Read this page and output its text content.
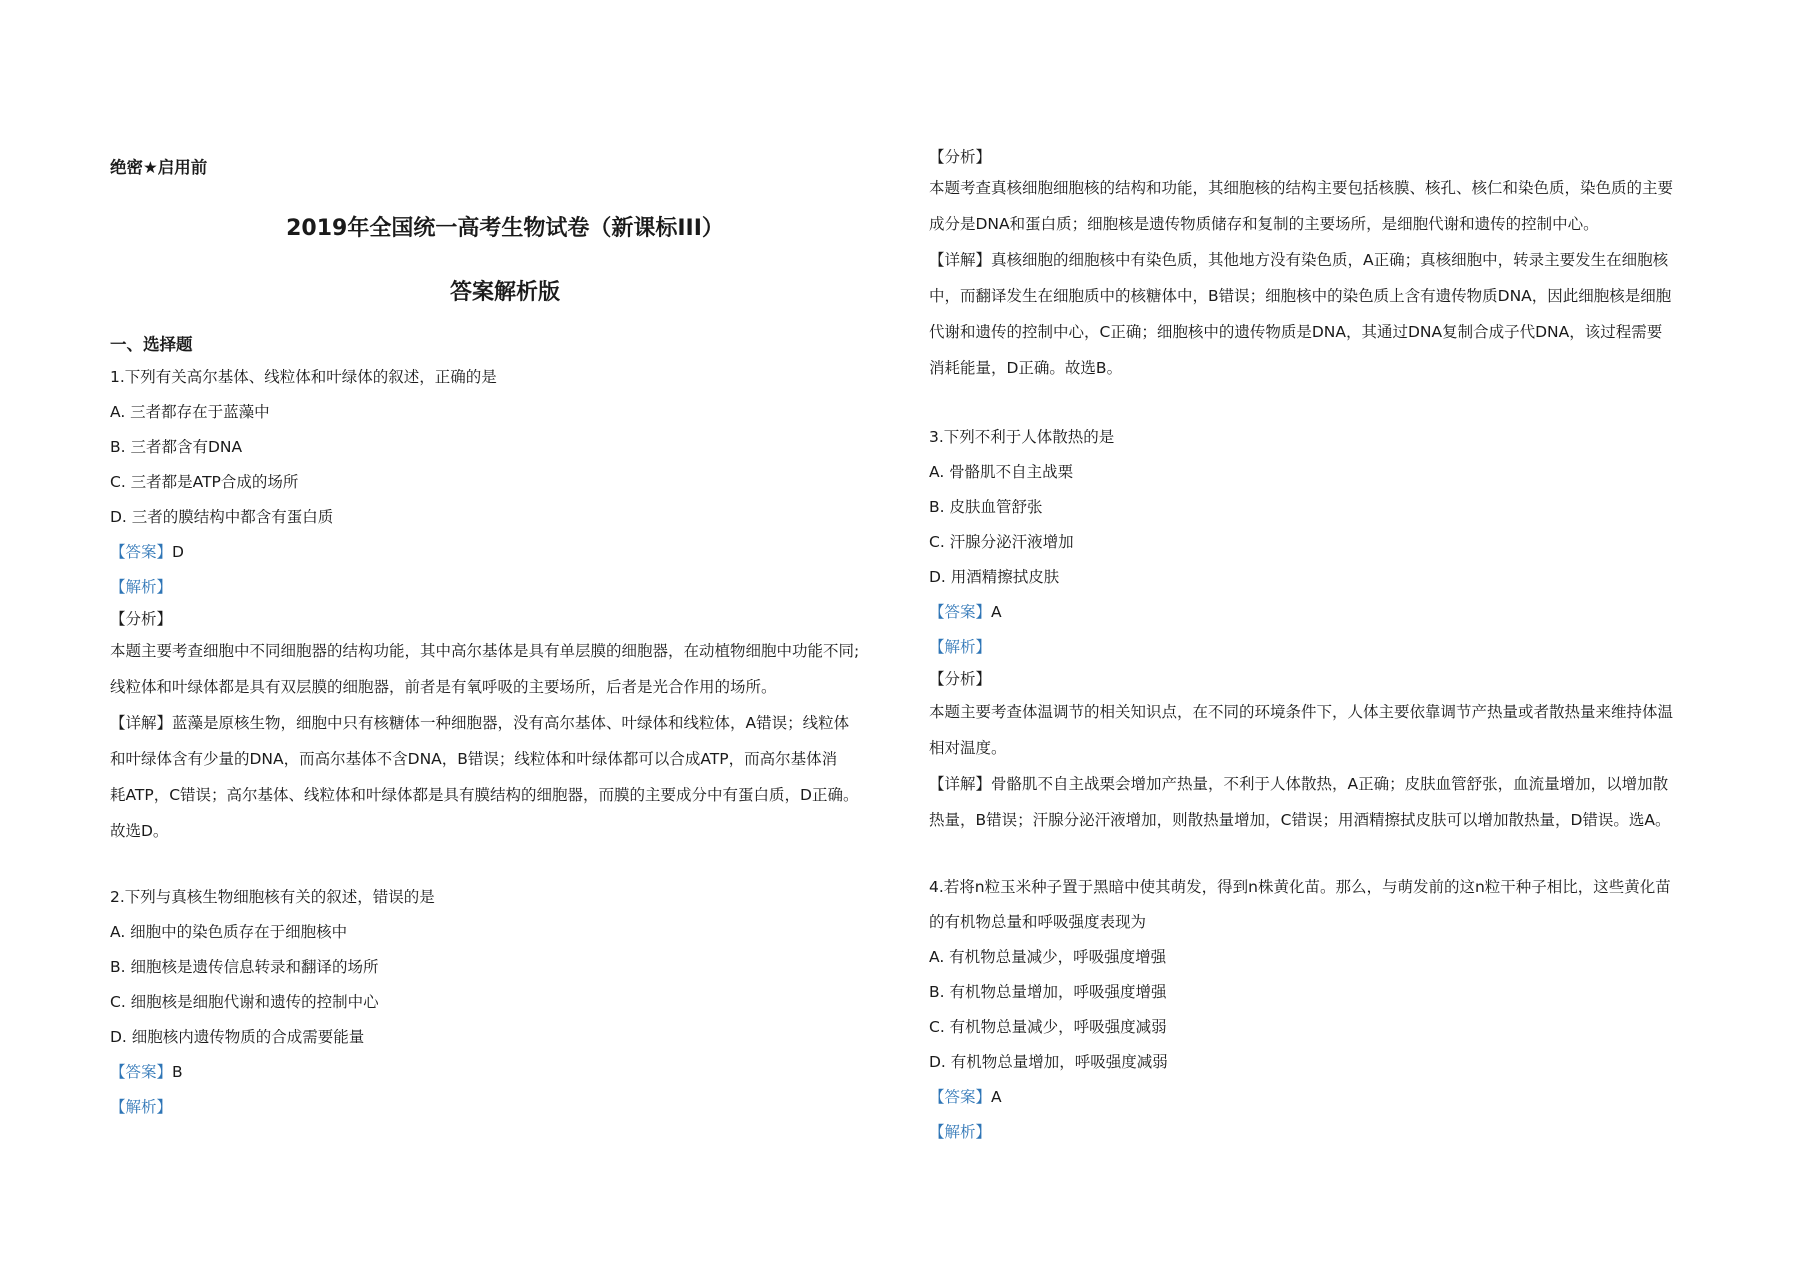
绝密★启用前
2019年全国统一高考生物试卷（新课标III）
答案解析版
一、选择题
1.下列有关高尔基体、线粒体和叶绿体的叙述，正确的是
A. 三者都存在于蓝藻中
B. 三者都含有DNA
C. 三者都是ATP合成的场所
D. 三者的膜结构中都含有蛋白质
【答案】D
【解析】
【分析】
本题主要考查细胞中不同细胞器的结构功能，其中高尔基体是具有单层膜的细胞器，在动植物细胞中功能不同;
线粒体和叶绿体都是具有双层膜的细胞器，前者是有氧呼吸的主要场所，后者是光合作用的场所。
【详解】蓝藻是原核生物，细胞中只有核糖体一种细胞器，没有高尔基体、叶绿体和线粒体，A错误；线粒体
和叶绿体含有少量的DNA，而高尔基体不含DNA，B错误；线粒体和叶绿体都可以合成ATP，而高尔基体消
耗ATP，C错误；高尔基体、线粒体和叶绿体都是具有膜结构的细胞器，而膜的主要成分中有蛋白质，D正确。
故选D。
2.下列与真核生物细胞核有关的叙述，错误的是
A. 细胞中的染色质存在于细胞核中
B. 细胞核是遗传信息转录和翻译的场所
C. 细胞核是细胞代谢和遗传的控制中心
D. 细胞核内遗传物质的合成需要能量
【答案】B
【解析】
【分析】
本题考查真核细胞细胞核的结构和功能，其细胞核的结构主要包括核膜、核孔、核仁和染色质，染色质的主要
成分是DNA和蛋白质；细胞核是遗传物质储存和复制的主要场所，是细胞代谢和遗传的控制中心。
【详解】真核细胞的细胞核中有染色质，其他地方没有染色质，A正确；真核细胞中，转录主要发生在细胞核
中，而翻译发生在细胞质中的核糖体中，B错误；细胞核中的染色质上含有遗传物质DNA，因此细胞核是细胞
代谢和遗传的控制中心，C正确；细胞核中的遗传物质是DNA，其通过DNA复制合成子代DNA，该过程需要
消耗能量，D正确。故选B。
3.下列不利于人体散热的是
A. 骨骼肌不自主战栗
B. 皮肤血管舒张
C. 汗腺分泌汗液增加
D. 用酒精擦拭皮肤
【答案】A
【解析】
【分析】
本题主要考查体温调节的相关知识点，在不同的环境条件下，人体主要依靠调节产热量或者散热量来维持体温
相对温度。
【详解】骨骼肌不自主战栗会增加产热量，不利于人体散热，A正确；皮肤血管舒张，血流量增加，以增加散
热量，B错误；汗腺分泌汗液增加，则散热量增加，C错误；用酒精擦拭皮肤可以增加散热量，D错误。选A。
4.若将n粒玉米种子置于黑暗中使其萌发，得到n株黄化苗。那么，与萌发前的这n粒干种子相比，这些黄化苗
的有机物总量和呼吸强度表现为
A. 有机物总量减少，呼吸强度增强
B. 有机物总量增加，呼吸强度增强
C. 有机物总量减少，呼吸强度减弱
D. 有机物总量增加，呼吸强度减弱
【答案】A
【解析】
